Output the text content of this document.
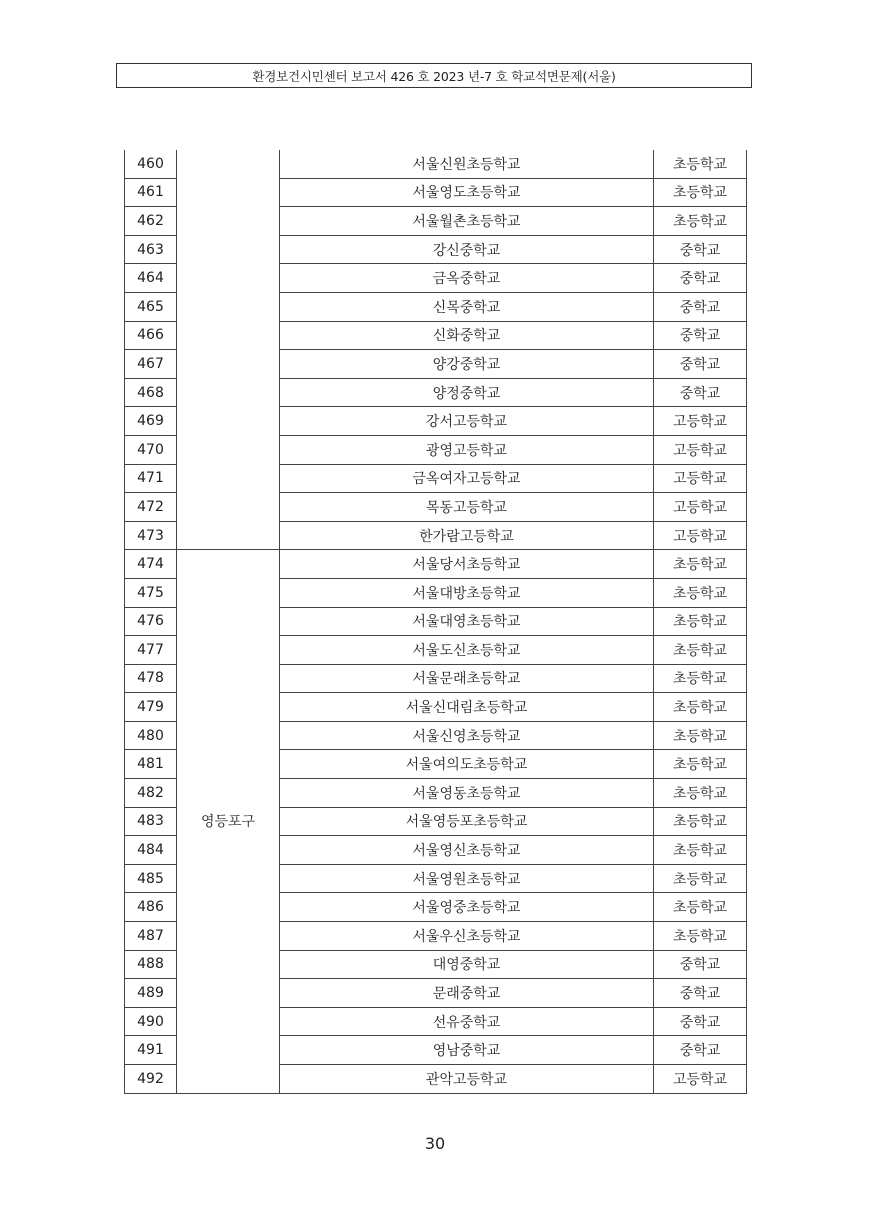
환경보건시민센터 보고서 426 호 2023 년-7 호 학교석면문제(서울)
460		서울신원초등학교	초등학교
461		서울영도초등학교	초등학교
462		서울월촌초등학교	초등학교
463		강신중학교	중학교
464		금옥중학교	중학교
465		신목중학교	중학교
466		신화중학교	중학교
467		양강중학교	중학교
468		양정중학교	중학교
469		강서고등학교	고등학교
470		광영고등학교	고등학교
471		금옥여자고등학교	고등학교
472		목동고등학교	고등학교
473		한가람고등학교	고등학교
474	영등포구	서울당서초등학교	초등학교
475		서울대방초등학교	초등학교
476		서울대영초등학교	초등학교
477		서울도신초등학교	초등학교
478		서울문래초등학교	초등학교
479		서울신대림초등학교	초등학교
480		서울신영초등학교	초등학교
481		서울여의도초등학교	초등학교
482		서울영동초등학교	초등학교
483		서울영등포초등학교	초등학교
484		서울영신초등학교	초등학교
485		서울영원초등학교	초등학교
486		서울영중초등학교	초등학교
487		서울우신초등학교	초등학교
488		대영중학교	중학교
489		문래중학교	중학교
490		선유중학교	중학교
491		영남중학교	중학교
492		관악고등학교	고등학교
30
